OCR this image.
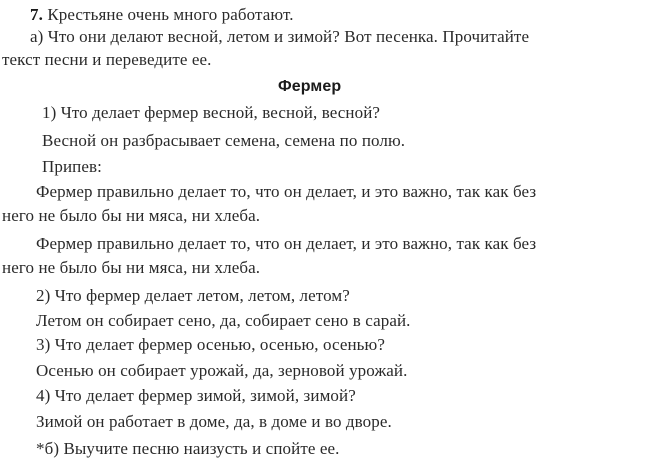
7. Крестьяне очень много работают.
а) Что они делают весной, летом и зимой? Вот песенка. Прочитайте
текст песни и переведите ее.
Фермер
1) Что делает фермер весной, весной, весной?
Весной он разбрасывает семена, семена по полю.
Припев:
Фермер правильно делает то, что он делает, и это важно, так как без
него не было бы ни мяса, ни хлеба.
Фермер правильно делает то, что он делает, и это важно, так как без
него не было бы ни мяса, ни хлеба.
2) Что фермер делает летом, летом, летом?
Летом он собирает сено, да, собирает сено в сарай.
3) Что делает фермер осенью, осенью, осенью?
Осенью он собирает урожай, да, зерновой урожай.
4) Что делает фермер зимой, зимой, зимой?
Зимой он работает в доме, да, в доме и во дворе.
*б) Выучите песню наизусть и спойте ее.
